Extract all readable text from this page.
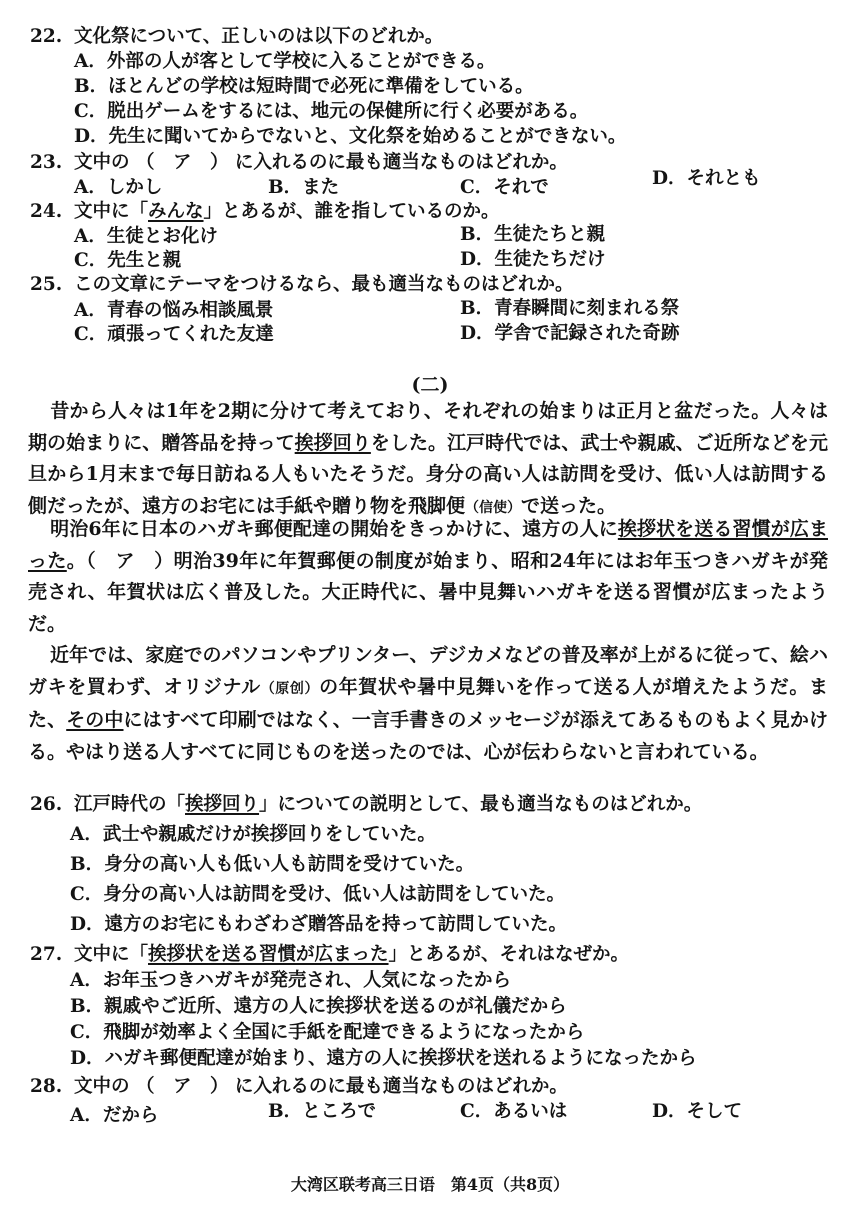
22. 文化祭について、正しいのは以下のどれか。
A．外部の人が客として学校に入ることができる。
B．ほとんどの学校は短時間で必死に準備をしている。
C．脱出ゲームをするには、地元の保健所に行く必要がある。
D．先生に聞いてからでないと、文化祭を始めることができない。
23. 文中の （　ア　） に入れるのに最も適当なものはどれか。
A．しかし	B．また	C．それで	D．それとも
24. 文中に「みんな」とあるが、誰を指しているのか。
A．生徒とお化け	B．生徒たちと親
C．先生と親	D．生徒たちだけ
25. この文章にテーマをつけるなら、最も適当なものはどれか。
A．青春の悩み相談風景	B．青春瞬間に刻まれる祭
C．頑張ってくれた友達	D．学舎で記録された奇跡
(二)
昔から人々は1年を2期に分けて考えており、それぞれの始まりは正月と盆だった。人々は期の始まりに、贈答品を持って挨拶回りをした。江戸時代では、武士や親戚、ご近所などを元旦から1月末まで毎日訪ねる人もいたそうだ。身分の高い人は訪問を受け、低い人は訪問する側だったが、遠方のお宅には手紙や贈り物を飛脚便（信使）で送った。
明治6年に日本のハガキ郵便配達の開始をきっかけに、遠方の人に挨拶状を送る習慣が広まった。（　ア　）明治39年に年賀郵便の制度が始まり、昭和24年にはお年玉つきハガキが発売され、年賀状は広く普及した。大正時代に、暑中見舞いハガキを送る習慣が広まったようだ。
近年では、家庭でのパソコンやプリンター、デジカメなどの普及率が上がるに従って、絵ハガキを買わず、オリジナル（原创）の年賀状や暑中見舞いを作って送る人が増えたようだ。また、その中にはすべて印刷ではなく、一言手書きのメッセージが添えてあるものもよく見かける。やはり送る人すべてに同じものを送ったのでは、心が伝わらないと言われている。
26. 江戸時代の「挨拶回り」についての説明として、最も適当なものはどれか。
A．武士や親戚だけが挨拶回りをしていた。
B．身分の高い人も低い人も訪問を受けていた。
C．身分の高い人は訪問を受け、低い人は訪問をしていた。
D．遠方のお宅にもわざわざ贈答品を持って訪問していた。
27. 文中に「挨拶状を送る習慣が広まった」とあるが、それはなぜか。
A．お年玉つきハガキが発売され、人気になったから
B．親戚やご近所、遠方の人に挨拶状を送るのが礼儀だから
C．飛脚が効率よく全国に手紙を配達できるようになったから
D．ハガキ郵便配達が始まり、遠方の人に挨拶状を送れるようになったから
28. 文中の （　ア　） に入れるのに最も適当なものはどれか。
A．だから	B．ところで	C．あるいは	D．そして
大湾区联考高三日语　第4页（共8页）
